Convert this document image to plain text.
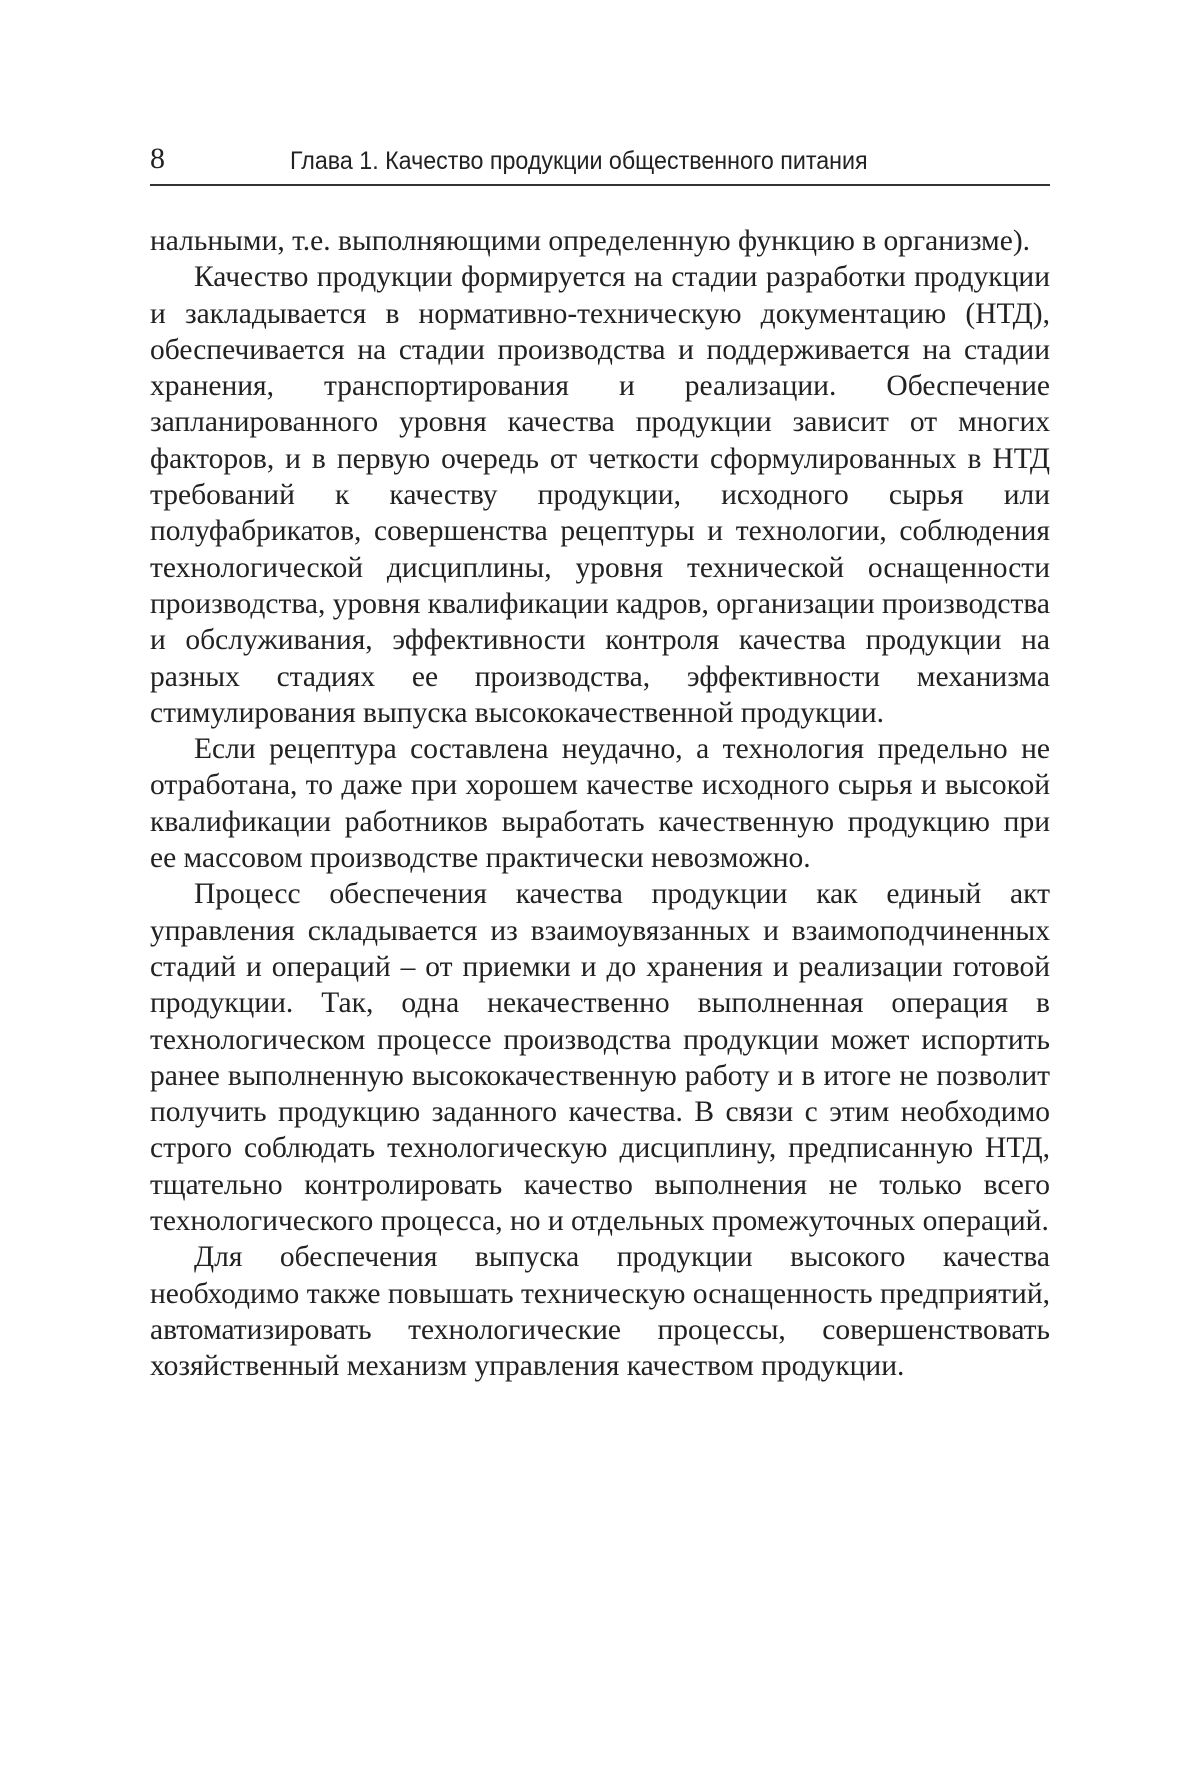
8	Глава 1. Качество продукции общественного питания

нальными, т.е. выполняющими определенную функцию в организме).

Качество продукции формируется на стадии разработки продукции и закладывается в нормативно-техническую документацию (НТД), обеспечивается на стадии производства и поддерживается на стадии хранения, транспортирования и реализации. Обеспечение запланированного уровня качества продукции зависит от многих факторов, и в первую очередь от четкости сформулированных в НТД требований к качеству продукции, исходного сырья или полуфабрикатов, совершенства рецептуры и технологии, соблюдения технологической дисциплины, уровня технической оснащенности производства, уровня квалификации кадров, организации производства и обслуживания, эффективности контроля качества продукции на разных стадиях ее производства, эффективности механизма стимулирования выпуска высококачественной продукции.

Если рецептура составлена неудачно, а технология предельно не отработана, то даже при хорошем качестве исходного сырья и высокой квалификации работников выработать качественную продукцию при ее массовом производстве практически невозможно.

Процесс обеспечения качества продукции как единый акт управления складывается из взаимоувязанных и взаимоподчиненных стадий и операций – от приемки и до хранения и реализации готовой продукции. Так, одна некачественно выполненная операция в технологическом процессе производства продукции может испортить ранее выполненную высококачественную работу и в итоге не позволит получить продукцию заданного качества. В связи с этим необходимо строго соблюдать технологическую дисциплину, предписанную НТД, тщательно контролировать качество выполнения не только всего технологического процесса, но и отдельных промежуточных операций.

Для обеспечения выпуска продукции высокого качества необходимо также повышать техническую оснащенность предприятий, автоматизировать технологические процессы, совершенствовать хозяйственный механизм управления качеством продукции.
